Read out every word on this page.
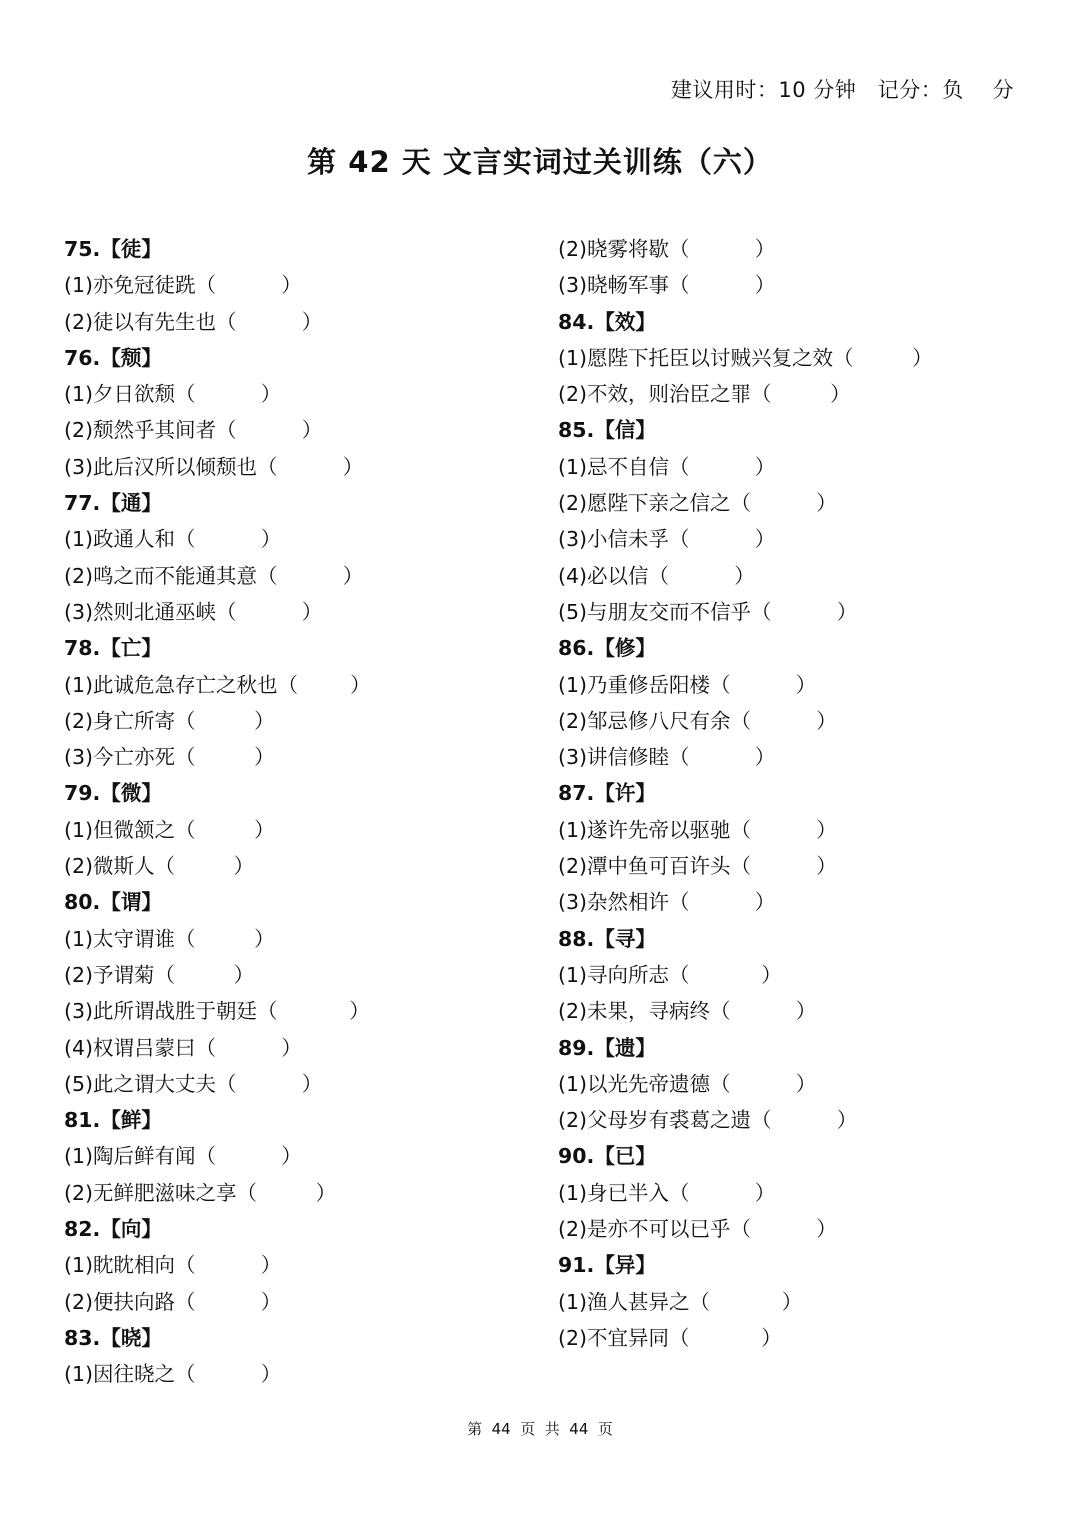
建议用时：10 分钟   记分：负    分
第 42 天 文言实词过关训练（六）
75.【徒】
(1)亦免冠徒跣（          ）
(2)徒以有先生也（          ）
76.【颓】
(1)夕日欲颓（          ）
(2)颓然乎其间者（          ）
(3)此后汉所以倾颓也（          ）
77.【通】
(1)政通人和（          ）
(2)鸣之而不能通其意（          ）
(3)然则北通巫峡（          ）
78.【亡】
(1)此诚危急存亡之秋也（        ）
(2)身亡所寄（         ）
(3)今亡亦死（         ）
79.【微】
(1)但微颔之（         ）
(2)微斯人（         ）
80.【谓】
(1)太守谓谁（         ）
(2)予谓菊（         ）
(3)此所谓战胜于朝廷（           ）
(4)权谓吕蒙曰（          ）
(5)此之谓大丈夫（          ）
81.【鲜】
(1)陶后鲜有闻（          ）
(2)无鲜肥滋味之享（         ）
82.【向】
(1)眈眈相向（          ）
(2)便扶向路（          ）
83.【晓】
(1)因往晓之（          ）
(2)晓雾将歇（          ）
(3)晓畅军事（          ）
84.【效】
(1)愿陛下托臣以讨贼兴复之效（         ）
(2)不效，则治臣之罪（         ）
85.【信】
(1)忌不自信（          ）
(2)愿陛下亲之信之（          ）
(3)小信未孚（          ）
(4)必以信（          ）
(5)与朋友交而不信乎（          ）
86.【修】
(1)乃重修岳阳楼（          ）
(2)邹忌修八尺有余（          ）
(3)讲信修睦（          ）
87.【许】
(1)遂许先帝以驱驰（          ）
(2)潭中鱼可百许头（          ）
(3)杂然相许（          ）
88.【寻】
(1)寻向所志（           ）
(2)未果，寻病终（          ）
89.【遗】
(1)以光先帝遗德（          ）
(2)父母岁有裘葛之遗（          ）
90.【已】
(1)身已半入（          ）
(2)是亦不可以已乎（          ）
91.【异】
(1)渔人甚异之（           ）
(2)不宜异同（           ）
第  44  页  共  44  页
